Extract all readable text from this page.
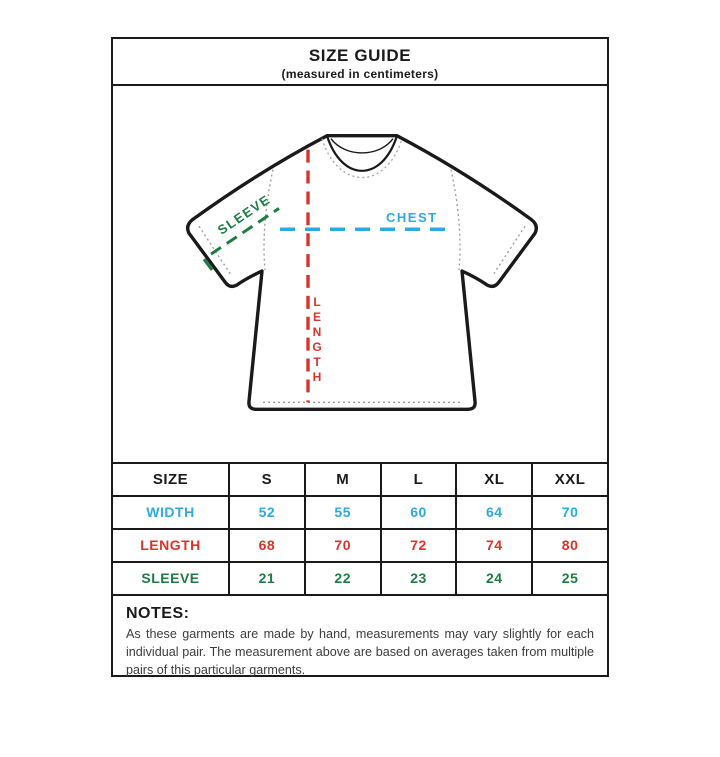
SIZE GUIDE
(measured in centimeters)
SLEEVE	CHEST
LENGTH
SIZE	S	M	L	XL	XXL
WIDTH	52	55	60	64	70
LENGTH	68	70	72	74	80
SLEEVE	21	22	23	24	25
NOTES:
As these garments are made by hand, measurements may vary slightly for each individual pair. The measurement above are based on averages taken from multiple pairs of this particular garments.
